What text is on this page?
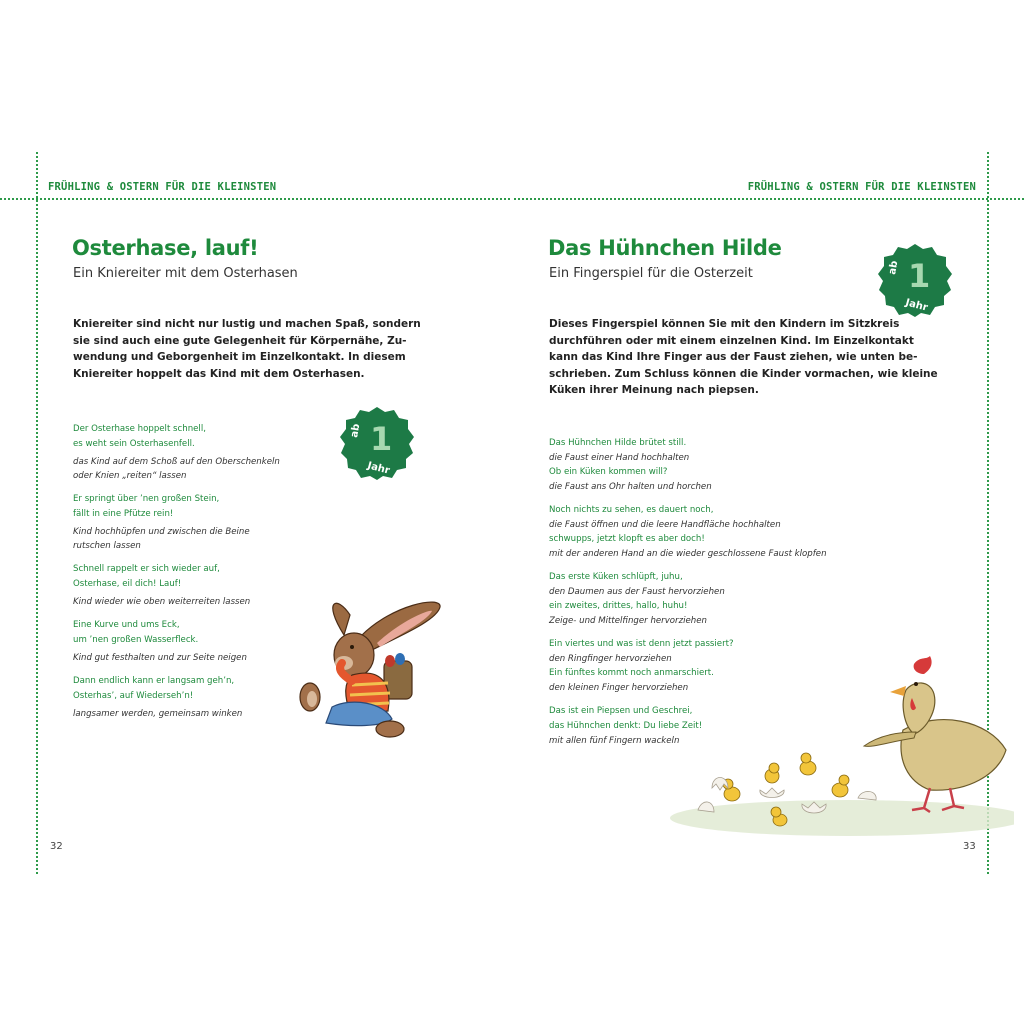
FRÜHLING & OSTERN FÜR DIE KLEINSTEN	FRÜHLING & OSTERN FÜR DIE KLEINSTEN
Osterhase, lauf!
Ein Kniereiter mit dem Osterhasen
Kniereiter sind nicht nur lustig und machen Spaß, sondern
sie sind auch eine gute Gelegenheit für Körpernähe, Zu-
wendung und Geborgenheit im Einzelkontakt. In diesem
Kniereiter hoppelt das Kind mit dem Osterhasen.
Der Osterhase hoppelt schnell,
es weht sein Osterhasenfell.
das Kind auf dem Schoß auf den Oberschenkeln
oder Knien „reiten“ lassen
Er springt über ’nen großen Stein,
fällt in eine Pfütze rein!
Kind hochhüpfen und zwischen die Beine
rutschen lassen
Schnell rappelt er sich wieder auf,
Osterhase, eil dich! Lauf!
Kind wieder wie oben weiterreiten lassen
Eine Kurve und ums Eck,
um ’nen großen Wasserfleck.
Kind gut festhalten und zur Seite neigen
Dann endlich kann er langsam geh’n,
Osterhas’, auf Wiederseh’n!
langsamer werden, gemeinsam winken
ab 1
Jahr
32
Das Hühnchen Hilde
Ein Fingerspiel für die Osterzeit	ab 1
Jahr
Dieses Fingerspiel können Sie mit den Kindern im Sitzkreis
durchführen oder mit einem einzelnen Kind. Im Einzelkontakt
kann das Kind Ihre Finger aus der Faust ziehen, wie unten be-
schrieben. Zum Schluss können die Kinder vormachen, wie kleine
Küken ihrer Meinung nach piepsen.
Das Hühnchen Hilde brütet still.
die Faust einer Hand hochhalten
Ob ein Küken kommen will?
die Faust ans Ohr halten und horchen
Noch nichts zu sehen, es dauert noch,
die Faust öffnen und die leere Handfläche hochhalten
schwupps, jetzt klopft es aber doch!
mit der anderen Hand an die wieder geschlossene Faust klopfen
Das erste Küken schlüpft, juhu,
den Daumen aus der Faust hervorziehen
ein zweites, drittes, hallo, huhu!
Zeige- und Mittelfinger hervorziehen
Ein viertes und was ist denn jetzt passiert?
den Ringfinger hervorziehen
Ein fünftes kommt noch anmarschiert.
den kleinen Finger hervorziehen
Das ist ein Piepsen und Geschrei,
das Hühnchen denkt: Du liebe Zeit!
mit allen fünf Fingern wackeln
33
